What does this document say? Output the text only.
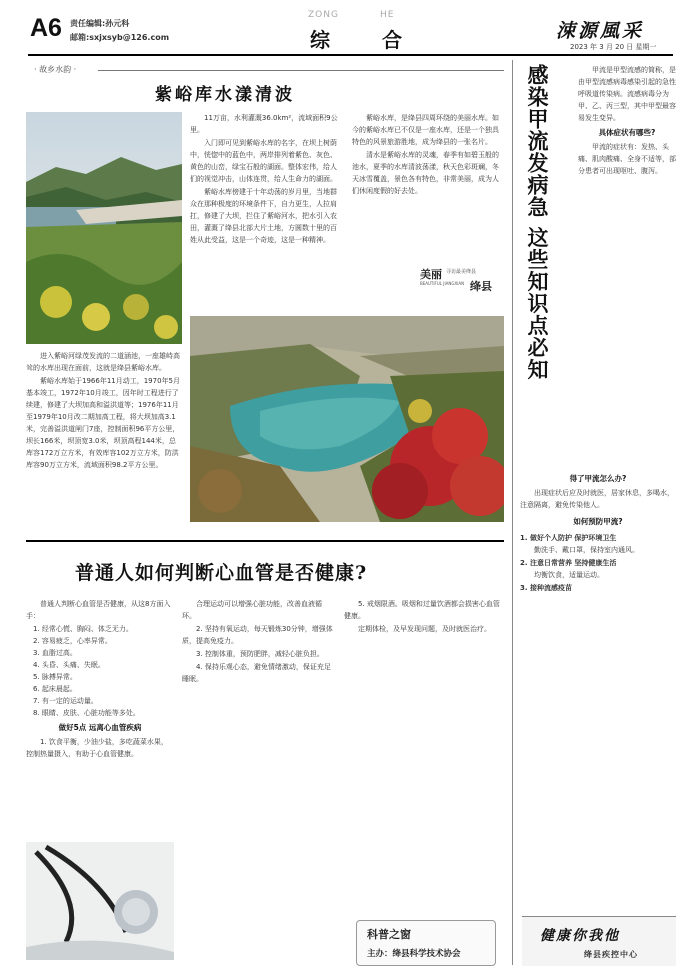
A6 责任编辑:孙元科
邮箱:sxjxsyb@126.com
ZONG	HE
综	合	涑源風采
2023 年 3 月 20 日 星期一
· 故乡水韵 ·
紫峪库水漾清波

进入紫峪河绿茂发流的二道涵池，一座雄峙高耸的水库出现在面前，这就是绛县紫峪水库。

紫峪水库始于1966年11月动工，1970年5月基本竣工，1972年10月竣工，因年时工程进行了续建，修建了大坝加高和溢洪道等；1976年11月至1979年10月改二期加高工程，将大坝加高3.1米，完善溢洪道闸门7座，控制面积96平方公里，坝长166米，坝顶宽3.0米，坝顶高程144米，总库容172万立方米，有效库容102万立方米，防洪库容90万立方米，流域面积98.2平方公里。

11万亩，水利灌溉36.0km²，流域面积9公里。

入门即可见到紫峪水库的名字，在坝上树荫中，恍惚中的蓝色中，两岸排列着紫色、灰色、黄色的山峦，绿宝石般的湖面。整体宏伟，给人们的视觉冲击，山体连贯，给人生命力的湖面。

紫峪水库傍建于十年动荡的岁月里，当地群众在那种极度的环境条件下，自力更生，人拉肩扛，修建了大坝，拦住了紫峪河水，把水引入农田，灌溉了绛县北部大片土地，方圆数十里的百姓从此受益，这是一个奇迹，这是一种精神。

紫峪水库，是绛县四周环绕的美丽水库。如今的紫峪水库已不仅是一座水库，还是一个独具特色的风景旅游胜地，成为绛县的一张名片。

清水是紫峪水库的灵魂，春季有如碧玉般的池水，夏季的水库清波荡漾，秋天色彩斑斓，冬天冰雪覆盖，景色各有特色，非常美丽，成为人们休闲度假的好去处。

美丽 寻访最美绛县
BEAUTIFUL JIANGXIAN 绛县
普通人如何判断心血管是否健康?

普通人判断心血管是否健康，从这8方面入手：

1. 经常心慌、胸闷、体乏无力。

2. 容易疲乏，心率异常。

3. 血脂过高。

4. 头昏、头痛、失眠。

5. 脉搏异常。

6. 起床晨起。

7. 有一定的运动量。

8. 眼睛、皮肤、心脏功能等多处。

做好5点 远离心血管疾病

1. 饮食平衡，少油少盐，多吃蔬菜水果，控制热量摄入，有助于心血管健康。

合理运动可以增强心脏功能，改善血液循环。

2. 坚持有氧运动，每天锻炼30分钟，增强体质，提高免疫力。

3. 控制体重，预防肥胖，减轻心脏负担。

4. 保持乐观心态，避免情绪激动，保证充足睡眠。

5. 戒烟限酒。吸烟和过量饮酒都会损害心血管健康。

定期体检，及早发现问题，及时就医治疗。

科普之窗
主办：绛县科学技术协会
感染甲流发病急 这些知识点必知	甲流是甲型流感的简称，是由甲型流感病毒感染引起的急性呼吸道传染病。流感病毒分为甲、乙、丙三型，其中甲型最容易发生变异。

具体症状有哪些?

甲流的症状有：发热、头痛、肌肉酸痛、全身不适等，部分患者可出现呕吐、腹泻。

得了甲流怎么办?

出现症状后应及时就医，居家休息，多喝水，注意隔离，避免传染他人。

如何预防甲流?

1. 做好个人防护 保护环境卫生

勤洗手、戴口罩，保持室内通风。

2. 注意日常营养 坚持健康生活

均衡饮食，适量运动。

3. 接种流感疫苗

健康你我他
绛县疾控中心
